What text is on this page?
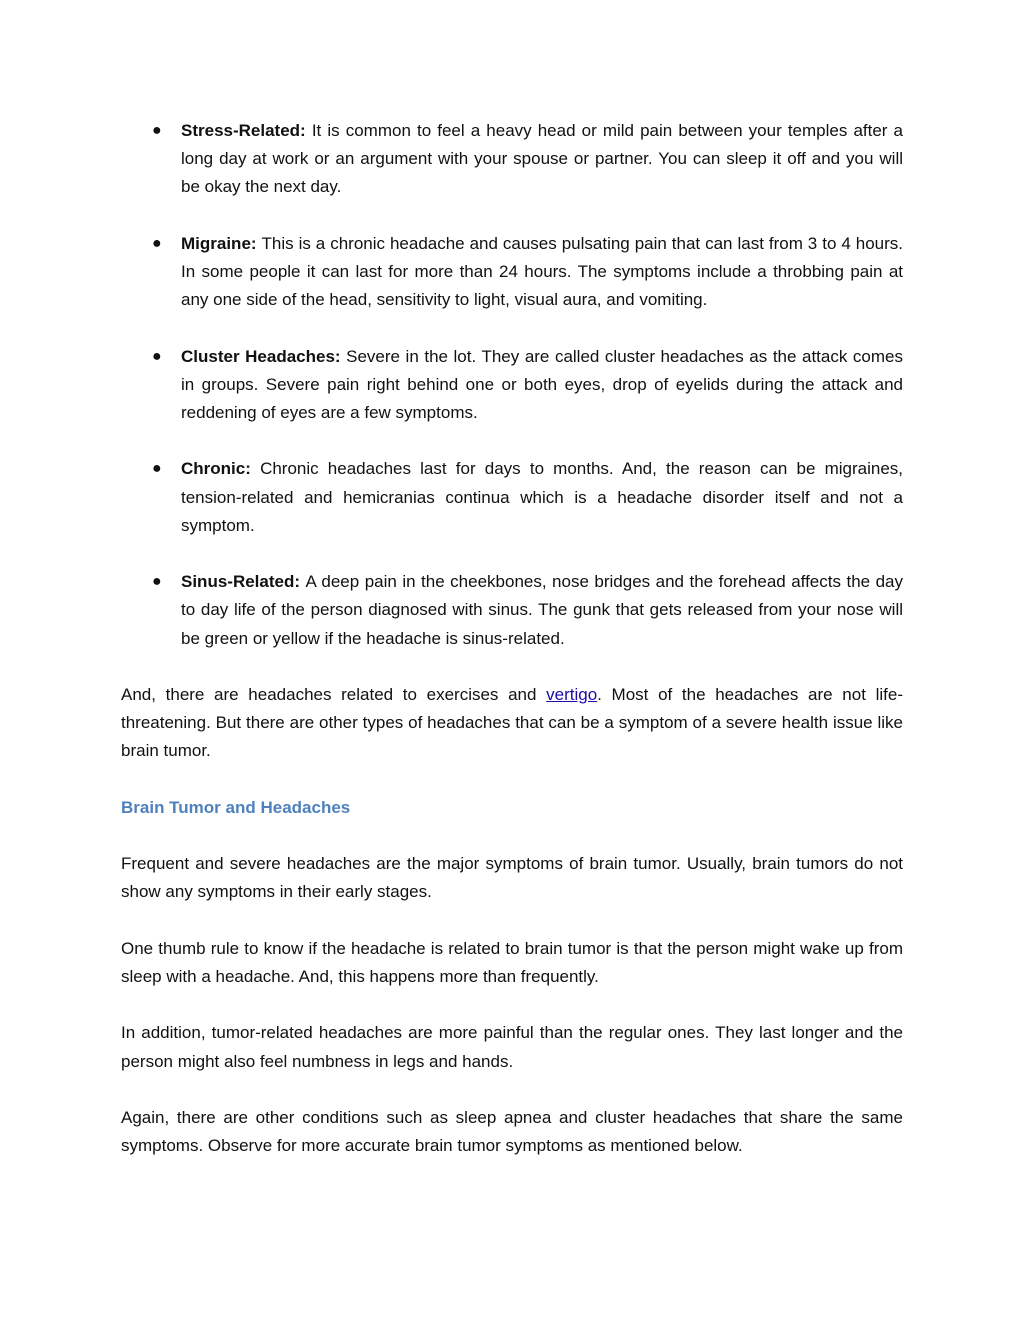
● Stress-Related: It is common to feel a heavy head or mild pain between your temples after a long day at work or an argument with your spouse or partner. You can sleep it off and you will be okay the next day.
● Migraine: This is a chronic headache and causes pulsating pain that can last from 3 to 4 hours. In some people it can last for more than 24 hours. The symptoms include a throbbing pain at any one side of the head, sensitivity to light, visual aura, and vomiting.
● Cluster Headaches: Severe in the lot. They are called cluster headaches as the attack comes in groups. Severe pain right behind one or both eyes, drop of eyelids during the attack and reddening of eyes are a few symptoms.
● Chronic: Chronic headaches last for days to months. And, the reason can be migraines, tension-related and hemicranias continua which is a headache disorder itself and not a symptom.
● Sinus-Related: A deep pain in the cheekbones, nose bridges and the forehead affects the day to day life of the person diagnosed with sinus. The gunk that gets released from your nose will be green or yellow if the headache is sinus-related.

And, there are headaches related to exercises and vertigo. Most of the headaches are not life-threatening. But there are other types of headaches that can be a symptom of a severe health issue like brain tumor.

Brain Tumor and Headaches

Frequent and severe headaches are the major symptoms of brain tumor. Usually, brain tumors do not show any symptoms in their early stages.

One thumb rule to know if the headache is related to brain tumor is that the person might wake up from sleep with a headache. And, this happens more than frequently.

In addition, tumor-related headaches are more painful than the regular ones. They last longer and the person might also feel numbness in legs and hands.

Again, there are other conditions such as sleep apnea and cluster headaches that share the same symptoms. Observe for more accurate brain tumor symptoms as mentioned below.
